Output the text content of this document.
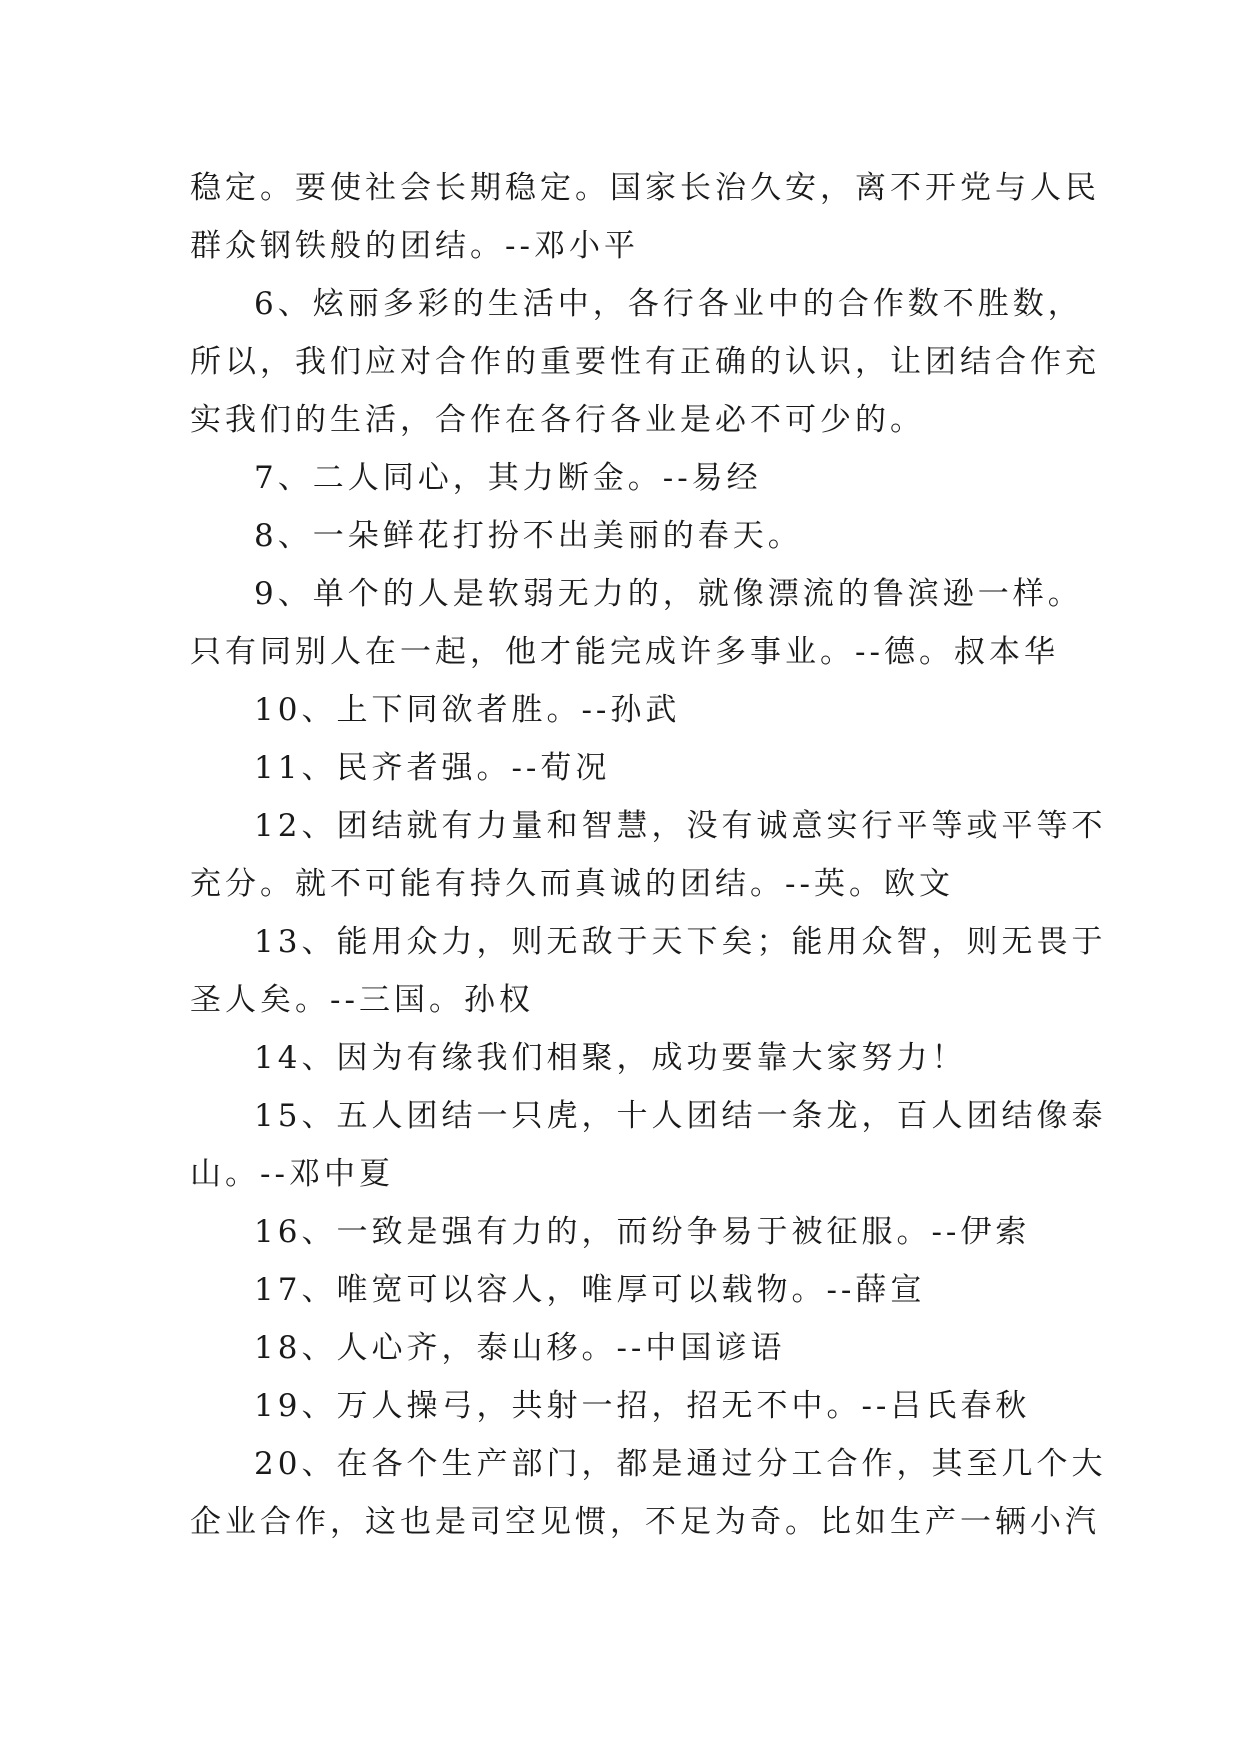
稳定。要使社会长期稳定。国家长治久安，离不开党与人民
群众钢铁般的团结。--邓小平
6、炫丽多彩的生活中，各行各业中的合作数不胜数，
所以，我们应对合作的重要性有正确的认识，让团结合作充
实我们的生活，合作在各行各业是必不可少的。
7、二人同心，其力断金。--易经
8、一朵鲜花打扮不出美丽的春天。
9、单个的人是软弱无力的，就像漂流的鲁滨逊一样。
只有同别人在一起，他才能完成许多事业。--德。叔本华
10、上下同欲者胜。--孙武
11、民齐者强。--荀况
12、团结就有力量和智慧，没有诚意实行平等或平等不
充分。就不可能有持久而真诚的团结。--英。欧文
13、能用众力，则无敌于天下矣；能用众智，则无畏于
圣人矣。--三国。孙权
14、因为有缘我们相聚，成功要靠大家努力！
15、五人团结一只虎，十人团结一条龙，百人团结像泰
山。--邓中夏
16、一致是强有力的，而纷争易于被征服。--伊索
17、唯宽可以容人，唯厚可以载物。--薛宣
18、人心齐，泰山移。--中国谚语
19、万人操弓，共射一招，招无不中。--吕氏春秋
20、在各个生产部门，都是通过分工合作，其至几个大
企业合作，这也是司空见惯，不足为奇。比如生产一辆小汽
